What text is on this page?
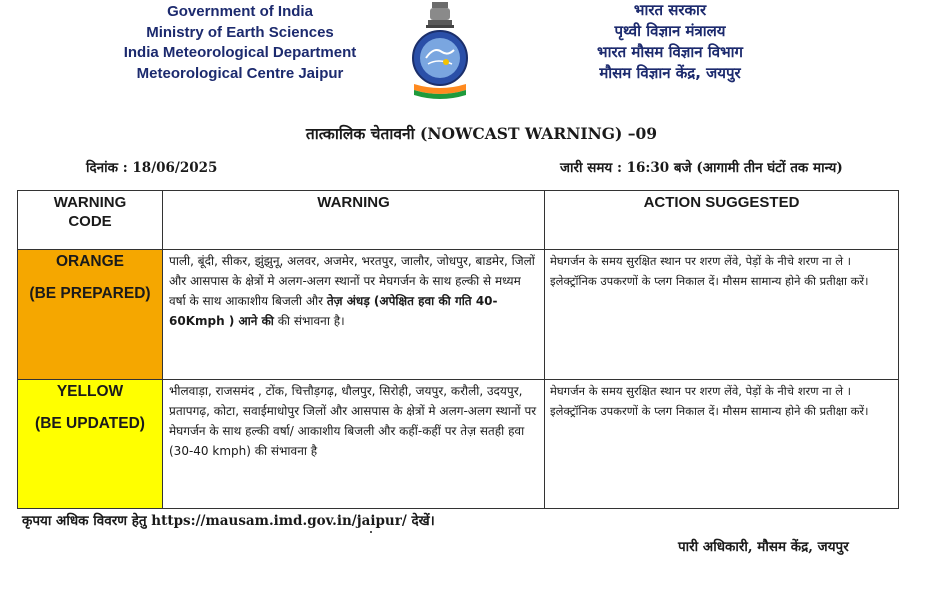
Government of India
Ministry of Earth Sciences
India Meteorological Department
Meteorological Centre Jaipur
भारत सरकार
पृथ्वी विज्ञान मंत्रालय
भारत मौसम विज्ञान विभाग
मौसम विज्ञान केंद्र, जयपुर
तात्कालिक चेतावनी (NOWCAST WARNING) –09
दिनांक : 18/06/2025	जारी समय : 16:30 बजे (आगामी तीन घंटों तक मान्य)
WARNING CODE	WARNING	ACTION SUGGESTED

ORANGE
(BE PREPARED)	पाली, बूंदी, सीकर, झुंझुनू, अलवर, अजमेर, भरतपुर, जालौर, जोधपुर, बाडमेर, जिलों और आसपास के क्षेत्रों मे अलग-अलग स्थानों पर मेघगर्जन के साथ हल्की से मध्यम वर्षा के साथ आकाशीय बिजली और तेज़ अंधड़ (अपेक्षित हवा की गति 40-60Kmph ) आने की की संभावना है।	मेघगर्जन के समय सुरक्षित स्थान पर शरण लेंवे, पेड़ों के नीचे शरण ना ले । इलेक्ट्रॉनिक उपकरणों के प्लग निकाल दें। मौसम सामान्य होने की प्रतीक्षा करें।

YELLOW
(BE UPDATED)	भीलवाड़ा, राजसमंद , टोंक, चित्तौड़गढ़, धौलपुर, सिरोही, जयपुर, करौली, उदयपुर, प्रतापगढ़, कोटा, सवाईमाधोपुर जिलों और आसपास के क्षेत्रों मे अलग-अलग स्थानों पर मेघगर्जन के साथ हल्की वर्षा/ आकाशीय बिजली और कहीं-कहीं पर तेज़ सतही हवा (30-40 kmph) की संभावना है	मेघगर्जन के समय सुरक्षित स्थान पर शरण लेंवे, पेड़ों के नीचे शरण ना ले । इलेक्ट्रॉनिक उपकरणों के प्लग निकाल दें। मौसम सामान्य होने की प्रतीक्षा करें।
कृपया अधिक विवरण हेतु https://mausam.imd.gov.in/jaipur/ देखें।
पारी अधिकारी, मौसम केंद्र, जयपुर
